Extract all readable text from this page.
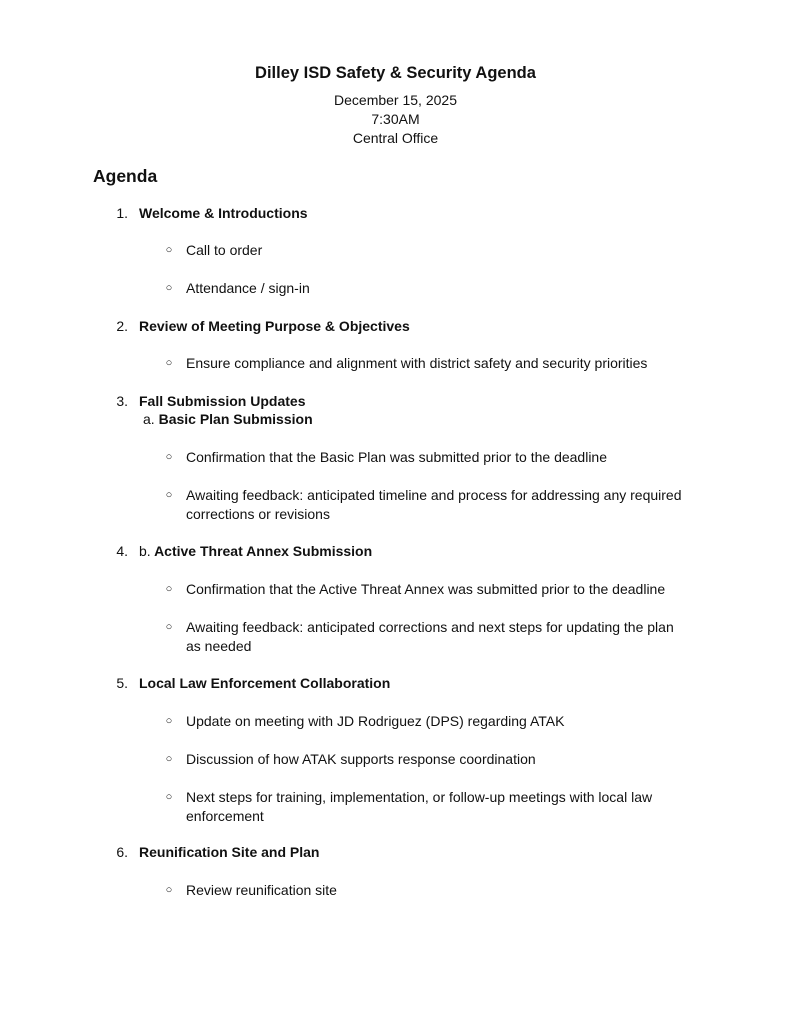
Dilley ISD Safety & Security Agenda
December 15, 2025
7:30AM
Central Office
Agenda
1. Welcome & Introductions
○ Call to order
○ Attendance / sign-in
2. Review of Meeting Purpose & Objectives
○ Ensure compliance and alignment with district safety and security priorities
3. Fall Submission Updates
a. Basic Plan Submission
○ Confirmation that the Basic Plan was submitted prior to the deadline
○ Awaiting feedback: anticipated timeline and process for addressing any required corrections or revisions
4. b. Active Threat Annex Submission
○ Confirmation that the Active Threat Annex was submitted prior to the deadline
○ Awaiting feedback: anticipated corrections and next steps for updating the plan as needed
5. Local Law Enforcement Collaboration
○ Update on meeting with JD Rodriguez (DPS) regarding ATAK
○ Discussion of how ATAK supports response coordination
○ Next steps for training, implementation, or follow-up meetings with local law enforcement
6. Reunification Site and Plan
○ Review reunification site
